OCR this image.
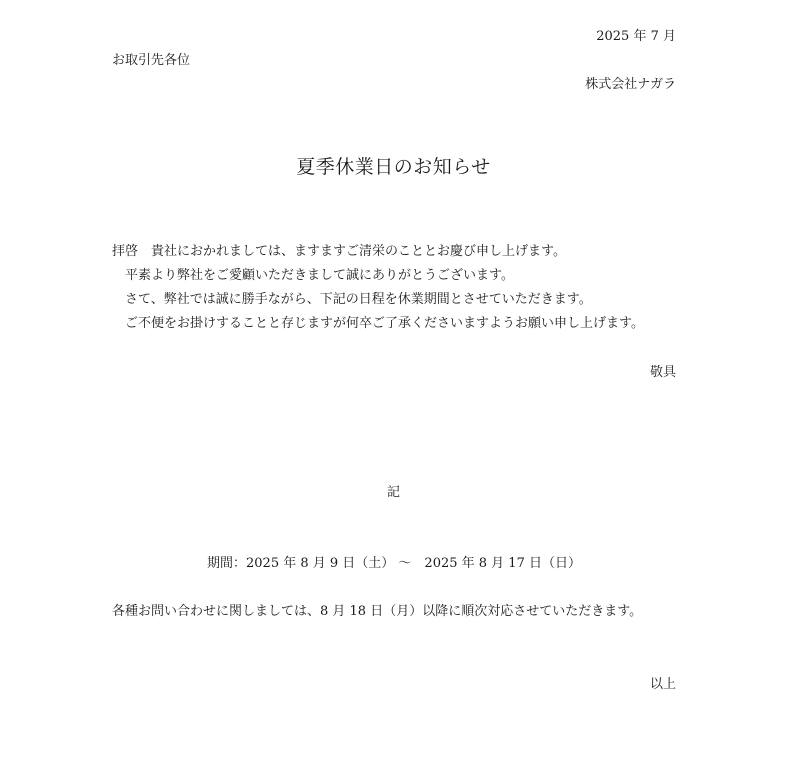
2025 年 7 月
お取引先各位
株式会社ナガラ
夏季休業日のお知らせ
拝啓　貴社におかれましては、ますますご清栄のこととお慶び申し上げます。
平素より弊社をご愛顧いただきまして誠にありがとうございます。
さて、弊社では誠に勝手ながら、下記の日程を休業期間とさせていただきます。
ご不便をお掛けすることと存じますが何卒ご了承くださいますようお願い申し上げます。
敬具
記
期間：2025 年 8 月 9 日（土） 〜　2025 年 8 月 17 日（日）
各種お問い合わせに関しましては、8 月 18 日（月）以降に順次対応させていただきます。
以上
